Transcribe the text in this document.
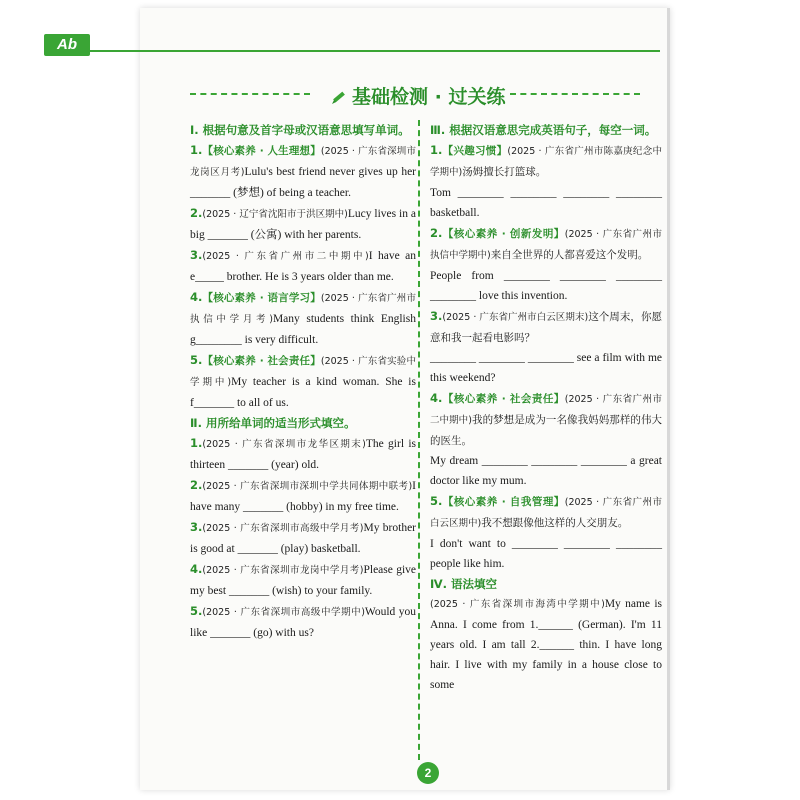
Ab
基础检测 · 过关练
Ⅰ. 根据句意及首字母或汉语意思填写单词。
1.【核心素养 · 人生理想】(2025 · 广东省深圳市龙岗区月考)Lulu's best friend never gives up her _______ (梦想) of being a teacher.
2.(2025 · 辽宁省沈阳市于洪区期中)Lucy lives in a big _______ (公寓) with her parents.
3.(2025 · 广东省广州市二中期中)I have an e_____ brother. He is 3 years older than me.
4.【核心素养 · 语言学习】(2025 · 广东省广州市执信中学月考)Many students think English g________ is very difficult.
5.【核心素养 · 社会责任】(2025 · 广东省实验中学期中)My teacher is a kind woman. She is f_______ to all of us.
Ⅱ. 用所给单词的适当形式填空。
1.(2025 · 广东省深圳市龙华区期末)The girl is thirteen _______ (year) old.
2.(2025 · 广东省深圳市深圳中学共同体期中联考)I have many _______ (hobby) in my free time.
3.(2025 · 广东省深圳市高级中学月考)My brother is good at _______ (play) basketball.
4.(2025 · 广东省深圳市龙岗中学月考)Please give my best _______ (wish) to your family.
5.(2025 · 广东省深圳市高级中学期中)Would you like _______ (go) with us?
Ⅲ. 根据汉语意思完成英语句子，每空一词。
1.【兴趣习惯】(2025 · 广东省广州市陈嘉庚纪念中学期中)汤姆擅长打篮球。
Tom ________ ________ ________ ________ basketball.
2.【核心素养 · 创新发明】(2025 · 广东省广州市执信中学期中)来自全世界的人都喜爱这个发明。
People from ________ ________ ________ ________ love this invention.
3.(2025 · 广东省广州市白云区期末)这个周末，你愿意和我一起看电影吗？
________ ________ ________ see a film with me this weekend?
4.【核心素养 · 社会责任】(2025 · 广东省广州市二中期中)我的梦想是成为一名像我妈妈那样的伟大的医生。
My dream ________ ________ ________ a great doctor like my mum.
5.【核心素养 · 自我管理】(2025 · 广东省广州市白云区期中)我不想跟像他这样的人交朋友。
I don't want to ________ ________ ________ people like him.
Ⅳ. 语法填空
(2025 · 广东省深圳市海湾中学期中)My name is Anna. I come from 1.______ (German). I'm 11 years old. I am tall 2.______ thin. I have long hair. I live with my family in a house close to some
2
